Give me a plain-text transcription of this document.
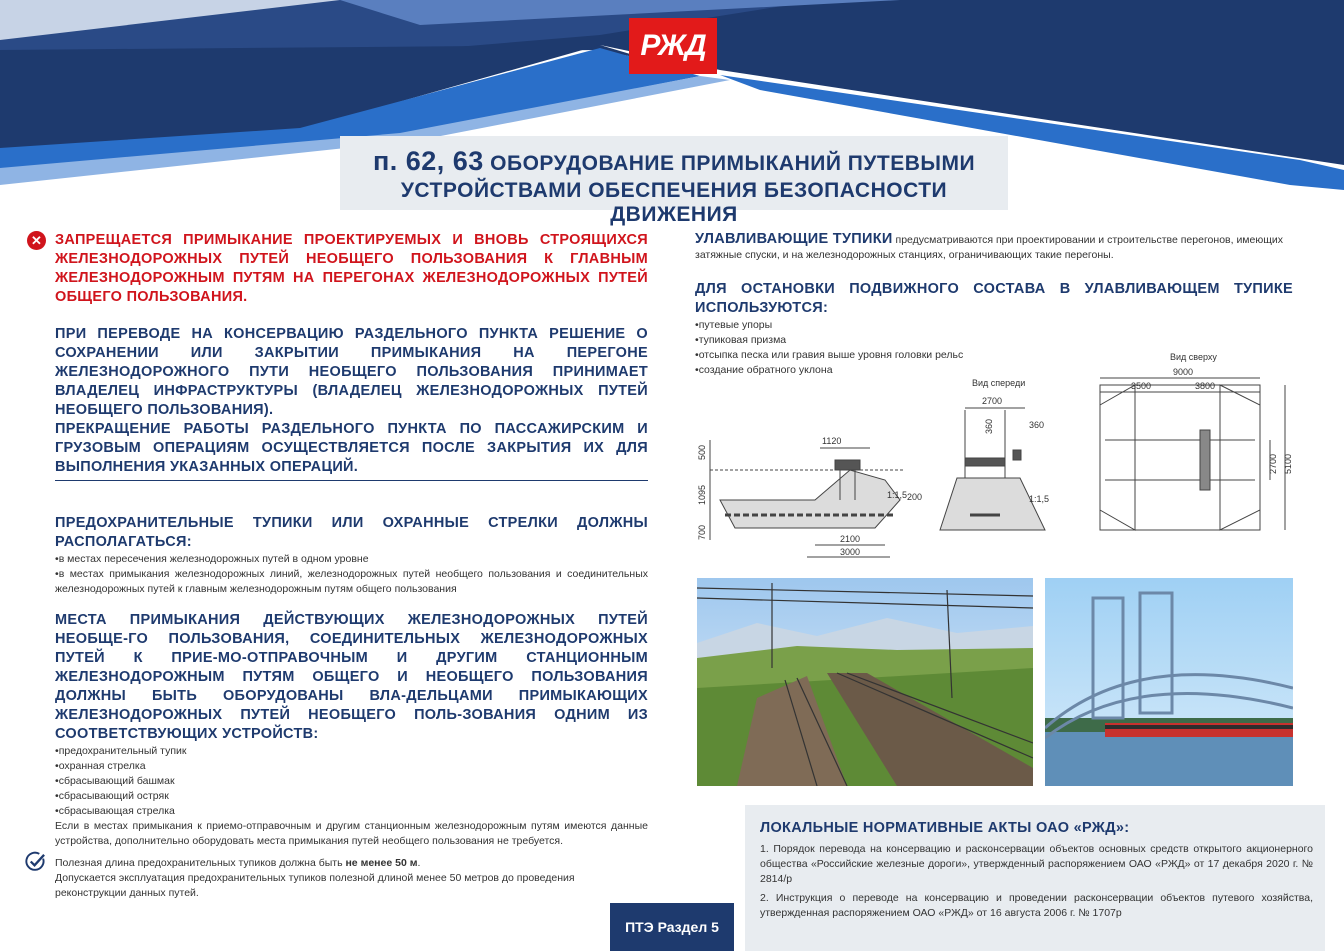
РЖД
п. 62, 63 ОБОРУДОВАНИЕ ПРИМЫКАНИЙ ПУТЕВЫМИ
УСТРОЙСТВАМИ ОБЕСПЕЧЕНИЯ БЕЗОПАСНОСТИ ДВИЖЕНИЯ
✕ ЗАПРЕЩАЕТСЯ ПРИМЫКАНИЕ ПРОЕКТИРУЕМЫХ И ВНОВЬ СТРОЯЩИХСЯ ЖЕЛЕЗНОДОРОЖНЫХ ПУТЕЙ НЕОБЩЕГО ПОЛЬЗОВАНИЯ К ГЛАВНЫМ ЖЕЛЕЗНОДОРОЖНЫМ ПУТЯМ НА ПЕРЕГОНАХ ЖЕЛЕЗНОДОРОЖНЫХ ПУТЕЙ ОБЩЕГО ПОЛЬЗОВАНИЯ.

ПРИ ПЕРЕВОДЕ НА КОНСЕРВАЦИЮ РАЗДЕЛЬНОГО ПУНКТА РЕШЕНИЕ О СОХРАНЕНИИ ИЛИ ЗАКРЫТИИ ПРИМЫКАНИЯ НА ПЕРЕГОНЕ ЖЕЛЕЗНОДОРОЖНОГО ПУТИ НЕОБЩЕГО ПОЛЬЗОВАНИЯ ПРИНИМАЕТ ВЛАДЕЛЕЦ ИНФРАСТРУКТУРЫ (ВЛАДЕЛЕЦ ЖЕЛЕЗНОДОРОЖНЫХ ПУТЕЙ НЕОБЩЕГО ПОЛЬЗОВАНИЯ).

ПРЕКРАЩЕНИЕ РАБОТЫ РАЗДЕЛЬНОГО ПУНКТА ПО ПАССАЖИРСКИМ И ГРУЗОВЫМ ОПЕРАЦИЯМ ОСУЩЕСТВЛЯЕТСЯ ПОСЛЕ ЗАКРЫТИЯ ИХ ДЛЯ ВЫПОЛНЕНИЯ УКАЗАННЫХ ОПЕРАЦИЙ.

ПРЕДОХРАНИТЕЛЬНЫЕ ТУПИКИ ИЛИ ОХРАННЫЕ СТРЕЛКИ ДОЛЖНЫ РАСПОЛАГАТЬСЯ:

• в местах пересечения железнодорожных путей в одном уровне
• в местах примыкания железнодорожных линий, железнодорожных путей необщего пользования и соединительных железнодорожных путей к главным железнодорожным путям общего пользования

МЕСТА ПРИМЫКАНИЯ ДЕЙСТВУЮЩИХ ЖЕЛЕЗНОДОРОЖНЫХ ПУТЕЙ НЕОБЩЕ-ГО ПОЛЬЗОВАНИЯ, СОЕДИНИТЕЛЬНЫХ ЖЕЛЕЗНОДОРОЖНЫХ ПУТЕЙ К ПРИЕ-МО-ОТПРАВОЧНЫМ И ДРУГИМ СТАНЦИОННЫМ ЖЕЛЕЗНОДОРОЖНЫМ ПУТЯМ ОБЩЕГО И НЕОБЩЕГО ПОЛЬЗОВАНИЯ ДОЛЖНЫ БЫТЬ ОБОРУДОВАНЫ ВЛА-ДЕЛЬЦАМИ ПРИМЫКАЮЩИХ ЖЕЛЕЗНОДОРОЖНЫХ ПУТЕЙ НЕОБЩЕГО ПОЛЬ-ЗОВАНИЯ ОДНИМ ИЗ СООТВЕТСТВУЮЩИХ УСТРОЙСТВ:

• предохранительный тупик
• охранная стрелка
• сбрасывающий башмак
• сбрасывающий остряк
• сбрасывающая стрелка

Если в местах примыкания к приемо-отправочным и другим станционным железнодорожным путям имеются данные устройства, дополнительно оборудовать места примыкания путей необщего пользования не требуется.

Полезная длина предохранительных тупиков должна быть не менее 50 м.

Допускается эксплуатация предохранительных тупиков полезной длиной менее 50 метров до проведения реконструкции данных путей.

УЛАВЛИВАЮЩИЕ ТУПИКИ предусматриваются при проектировании и строительстве перегонов, имеющих затяжные спуски, и на железнодорожных станциях, ограничивающих такие перегоны.

ДЛЯ ОСТАНОВКИ ПОДВИЖНОГО СОСТАВА В УЛАВЛИВАЮЩЕМ ТУПИКЕ ИСПОЛЬЗУЮТСЯ:

• путевые упоры
• тупиковая призма
• отсыпка песка или гравия выше уровня головки рельс
• создание обратного уклона
Вид спереди
Вид сверху
500
1095
700
1120
2100
3000
2700
360	360
1:1,5
1:1,5 200
9000
3500	3800
2700 5100
ЛОКАЛЬНЫЕ НОРМАТИВНЫЕ АКТЫ ОАО «РЖД»:

1. Порядок перевода на консервацию и расконсервации объектов основных средств открытого акционерного общества «Российские железные дороги», утвержденный распоряжением ОАО «РЖД» от 17 декабря 2020 г. № 2814/р

2. Инструкция о переводе на консервацию и проведении расконсервации объектов путевого хозяйства, утвержденная распоряжением ОАО «РЖД» от 16 августа 2006 г. № 1707р

ПТЭ Раздел 5
